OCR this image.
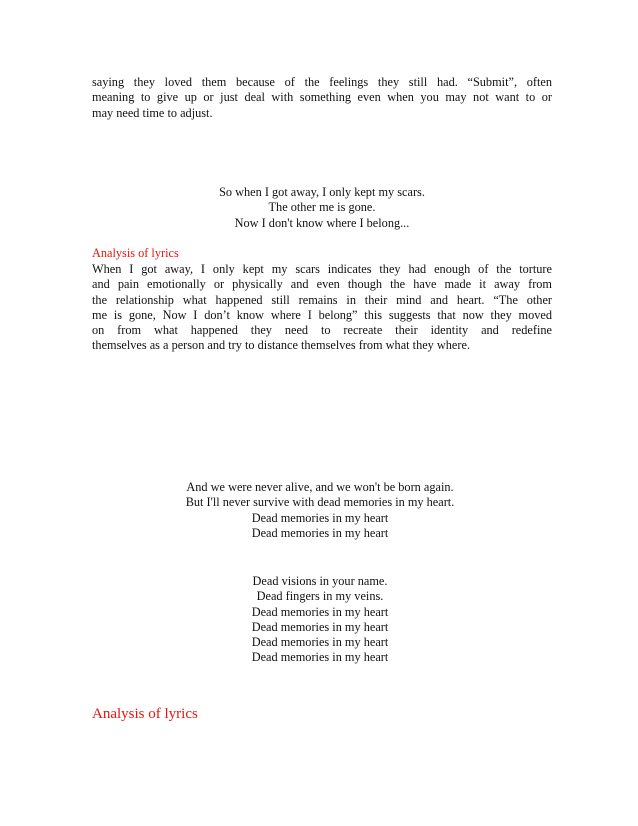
saying they loved them because of the feelings they still had. “Submit”, often
meaning to give up or just deal with something even when you may not want to or
may need time to adjust.
So when I got away, I only kept my scars.
The other me is gone.
Now I don't know where I belong...
Analysis of lyrics
When I got away, I only kept my scars indicates they had enough of the torture
and pain emotionally or physically and even though the have made it away from
the relationship what happened still remains in their mind and heart. “The other
me is gone, Now I don’t know where I belong” this suggests that now they moved
on from what happened they need to recreate their identity and redefine
themselves as a person and try to distance themselves from what they where.
And we were never alive, and we won't be born again.
But I'll never survive with dead memories in my heart.
Dead memories in my heart
Dead memories in my heart
Dead visions in your name.
Dead fingers in my veins.
Dead memories in my heart
Dead memories in my heart
Dead memories in my heart
Dead memories in my heart
Analysis of lyrics
